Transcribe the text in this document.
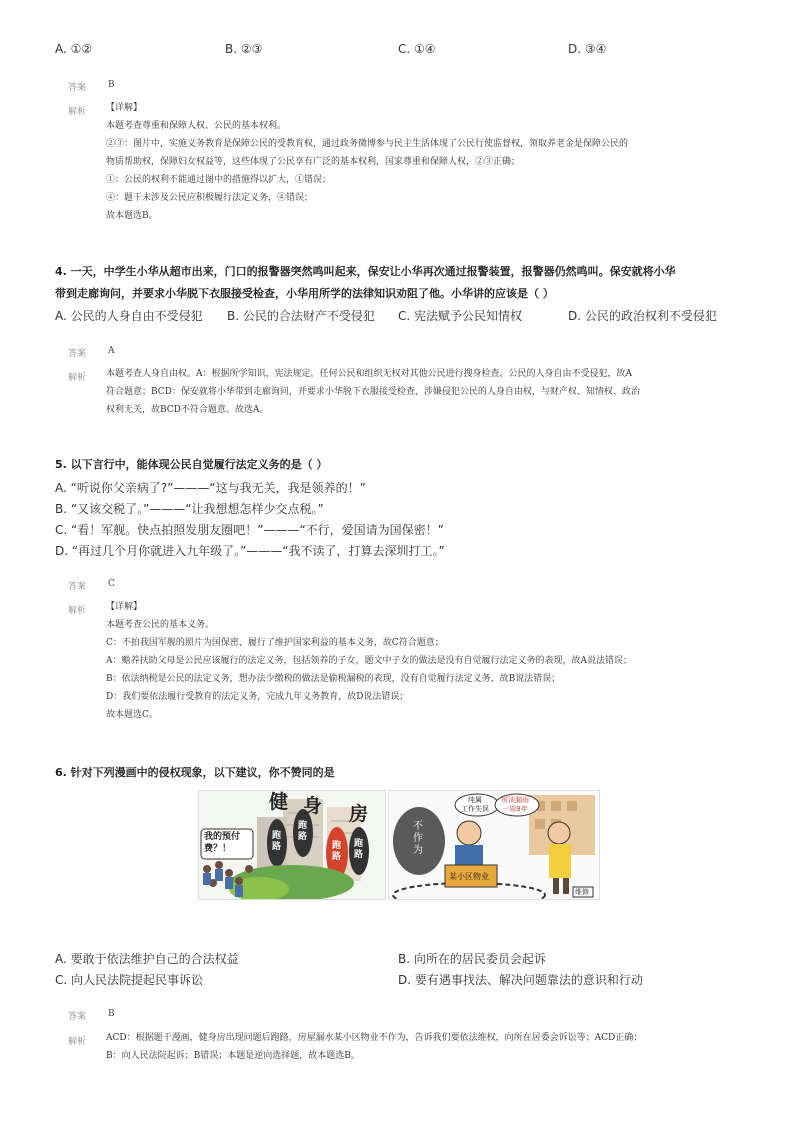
A. ①②	B. ②③	C. ①④	D. ③④
答案 B
解析 【详解】
本题考查尊重和保障人权、公民的基本权利。
②③：图片中，实施义务教育是保障公民的受教育权，通过政务微博参与民主生活体现了公民行使监督权，领取养老金是保障公民的
物质帮助权，保障妇女权益等，这些体现了公民享有广泛的基本权利，国家尊重和保障人权，②③正确；
①：公民的权利不能通过图中的措施得以扩大，①错误；
④：题干未涉及公民应积极履行法定义务，④错误；
故本题选B。
4. 一天，中学生小华从超市出来，门口的报警器突然鸣叫起来，保安让小华再次通过报警装置，报警器仍然鸣叫。保安就将小华
带到走廊询问，并要求小华脱下衣服接受检查，小华用所学的法律知识劝阻了他。小华讲的应该是（ ）
A. 公民的人身自由不受侵犯 B. 公民的合法财产不受侵犯 C. 宪法赋予公民知情权	D. 公民的政治权利不受侵犯
答案 A
解析 本题考查人身自由权。A：根据所学知识，宪法规定，任何公民和组织无权对其他公民进行搜身检查，公民的人身自由不受侵犯，故A
符合题意；BCD：保安就将小华带到走廊询问，并要求小华脱下衣服接受检查，涉嫌侵犯公民的人身自由权，与财产权、知情权、政治
权利无关，故BCD不符合题意。故选A。
5. 以下言行中，能体现公民自觉履行法定义务的是（ ）
A. “听说你父亲病了?”———“这与我无关，我是领养的！”
B. “又该交税了。”———“让我想想怎样少交点税。”
C. “看！军舰。快点拍照发朋友圈吧！”———“不行，爱国请为国保密！”
D. “再过几个月你就进入九年级了。”———“我不读了，打算去深圳打工。”
答案 C
解析 【详解】
本题考查公民的基本义务。
C：不拍我国军舰的照片为国保密，履行了维护国家利益的基本义务，故C符合题意；
A：赡养扶助父母是公民应该履行的法定义务，包括领养的子女，题文中子女的做法是没有自觉履行法定义务的表现，故A说法错误；
B：依法纳税是公民的法定义务，想办法少缴税的做法是偷税漏税的表现，没有自觉履行法定义务，故B说法错误；
D：我们要依法履行受教育的法定义务，完成九年义务教育，故D说法错误；
故本题选C。
6. 针对下列漫画中的侵权现象，以下建议，你不赞同的是
健 身 房
我的预付
费？！
跑路
跑路
跑路
跑路
纯属
工作失误
房顶漏雨
一周9年
不
作
为
某小区物业
维修
A. 要敢于依法维护自己的合法权益	B. 向所在的居民委员会起诉
C. 向人民法院提起民事诉讼	D. 要有遇事找法、解决问题靠法的意识和行动
答案 B
解析 ACD：根据题干漫画，健身房出现问题后跑路，房屋漏水某小区物业不作为，告诉我们要依法维权，向所在居委会诉讼等；ACD正确；
B：向人民法院起诉；B错误；本题是逆向选择题，故本题选B。
